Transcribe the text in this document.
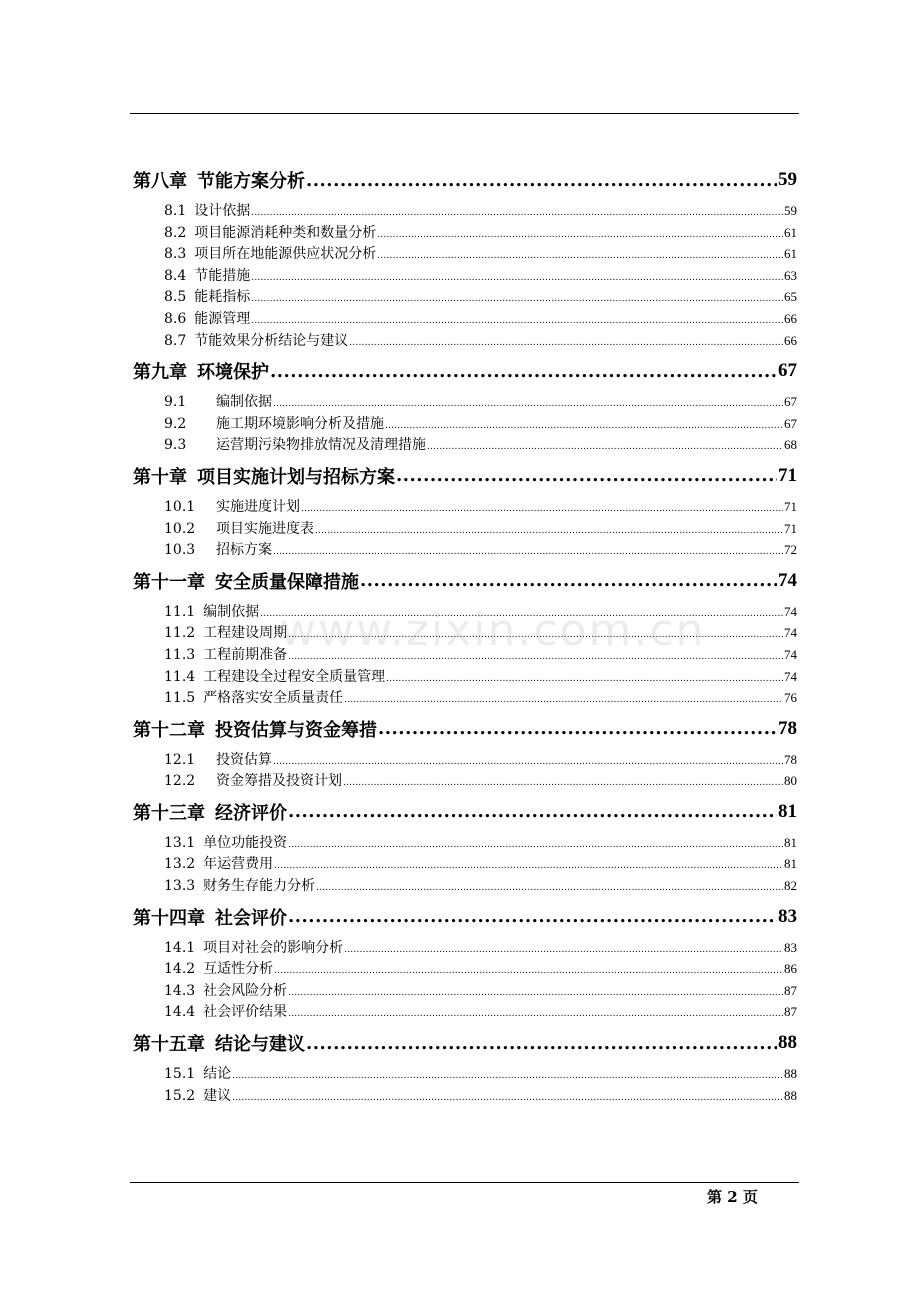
第八章 节能方案分析 .....	59
8.1 设计依据 .....	59
8.2 项目能源消耗种类和数量分析 .....	61
8.3 项目所在地能源供应状况分析 .....	61
8.4 节能措施 .....	63
8.5 能耗指标 .....	65
8.6 能源管理 .....	66
8.7 节能效果分析结论与建议 .....	66
第九章 环境保护 .....	67
9.1	编制依据 .....	67
9.2	施工期环境影响分析及措施 .....	67
9.3	运营期污染物排放情况及清理措施 .....	68
第十章 项目实施计划与招标方案 .....	71
10.1	实施进度计划 .....	71
10.2	项目实施进度表 .....	71
10.3	招标方案 .....	72
第十一章 安全质量保障措施 .....	74
11.1 编制依据 .....	74
11.2 工程建设周期 .....	74
11.3 工程前期准备 .....	74
11.4 工程建设全过程安全质量管理 .....	74
11.5 严格落实安全质量责任 .....	76
第十二章 投资估算与资金筹措 .....	78
12.1	投资估算 .....	78
12.2	资金筹措及投资计划 .....	80
第十三章 经济评价 .....	81
13.1 单位功能投资 .....	81
13.2 年运营费用 .....	81
13.3 财务生存能力分析 .....	82
第十四章 社会评价 .....	83
14.1 项目对社会的影响分析 .....	83
14.2 互适性分析 .....	86
14.3 社会风险分析 .....	87
14.4 社会评价结果 .....	87
第十五章 结论与建议 .....	88
15.1 结论 .....	88
15.2 建议 .....	88
www.zixin.com.cn
第 2 页
